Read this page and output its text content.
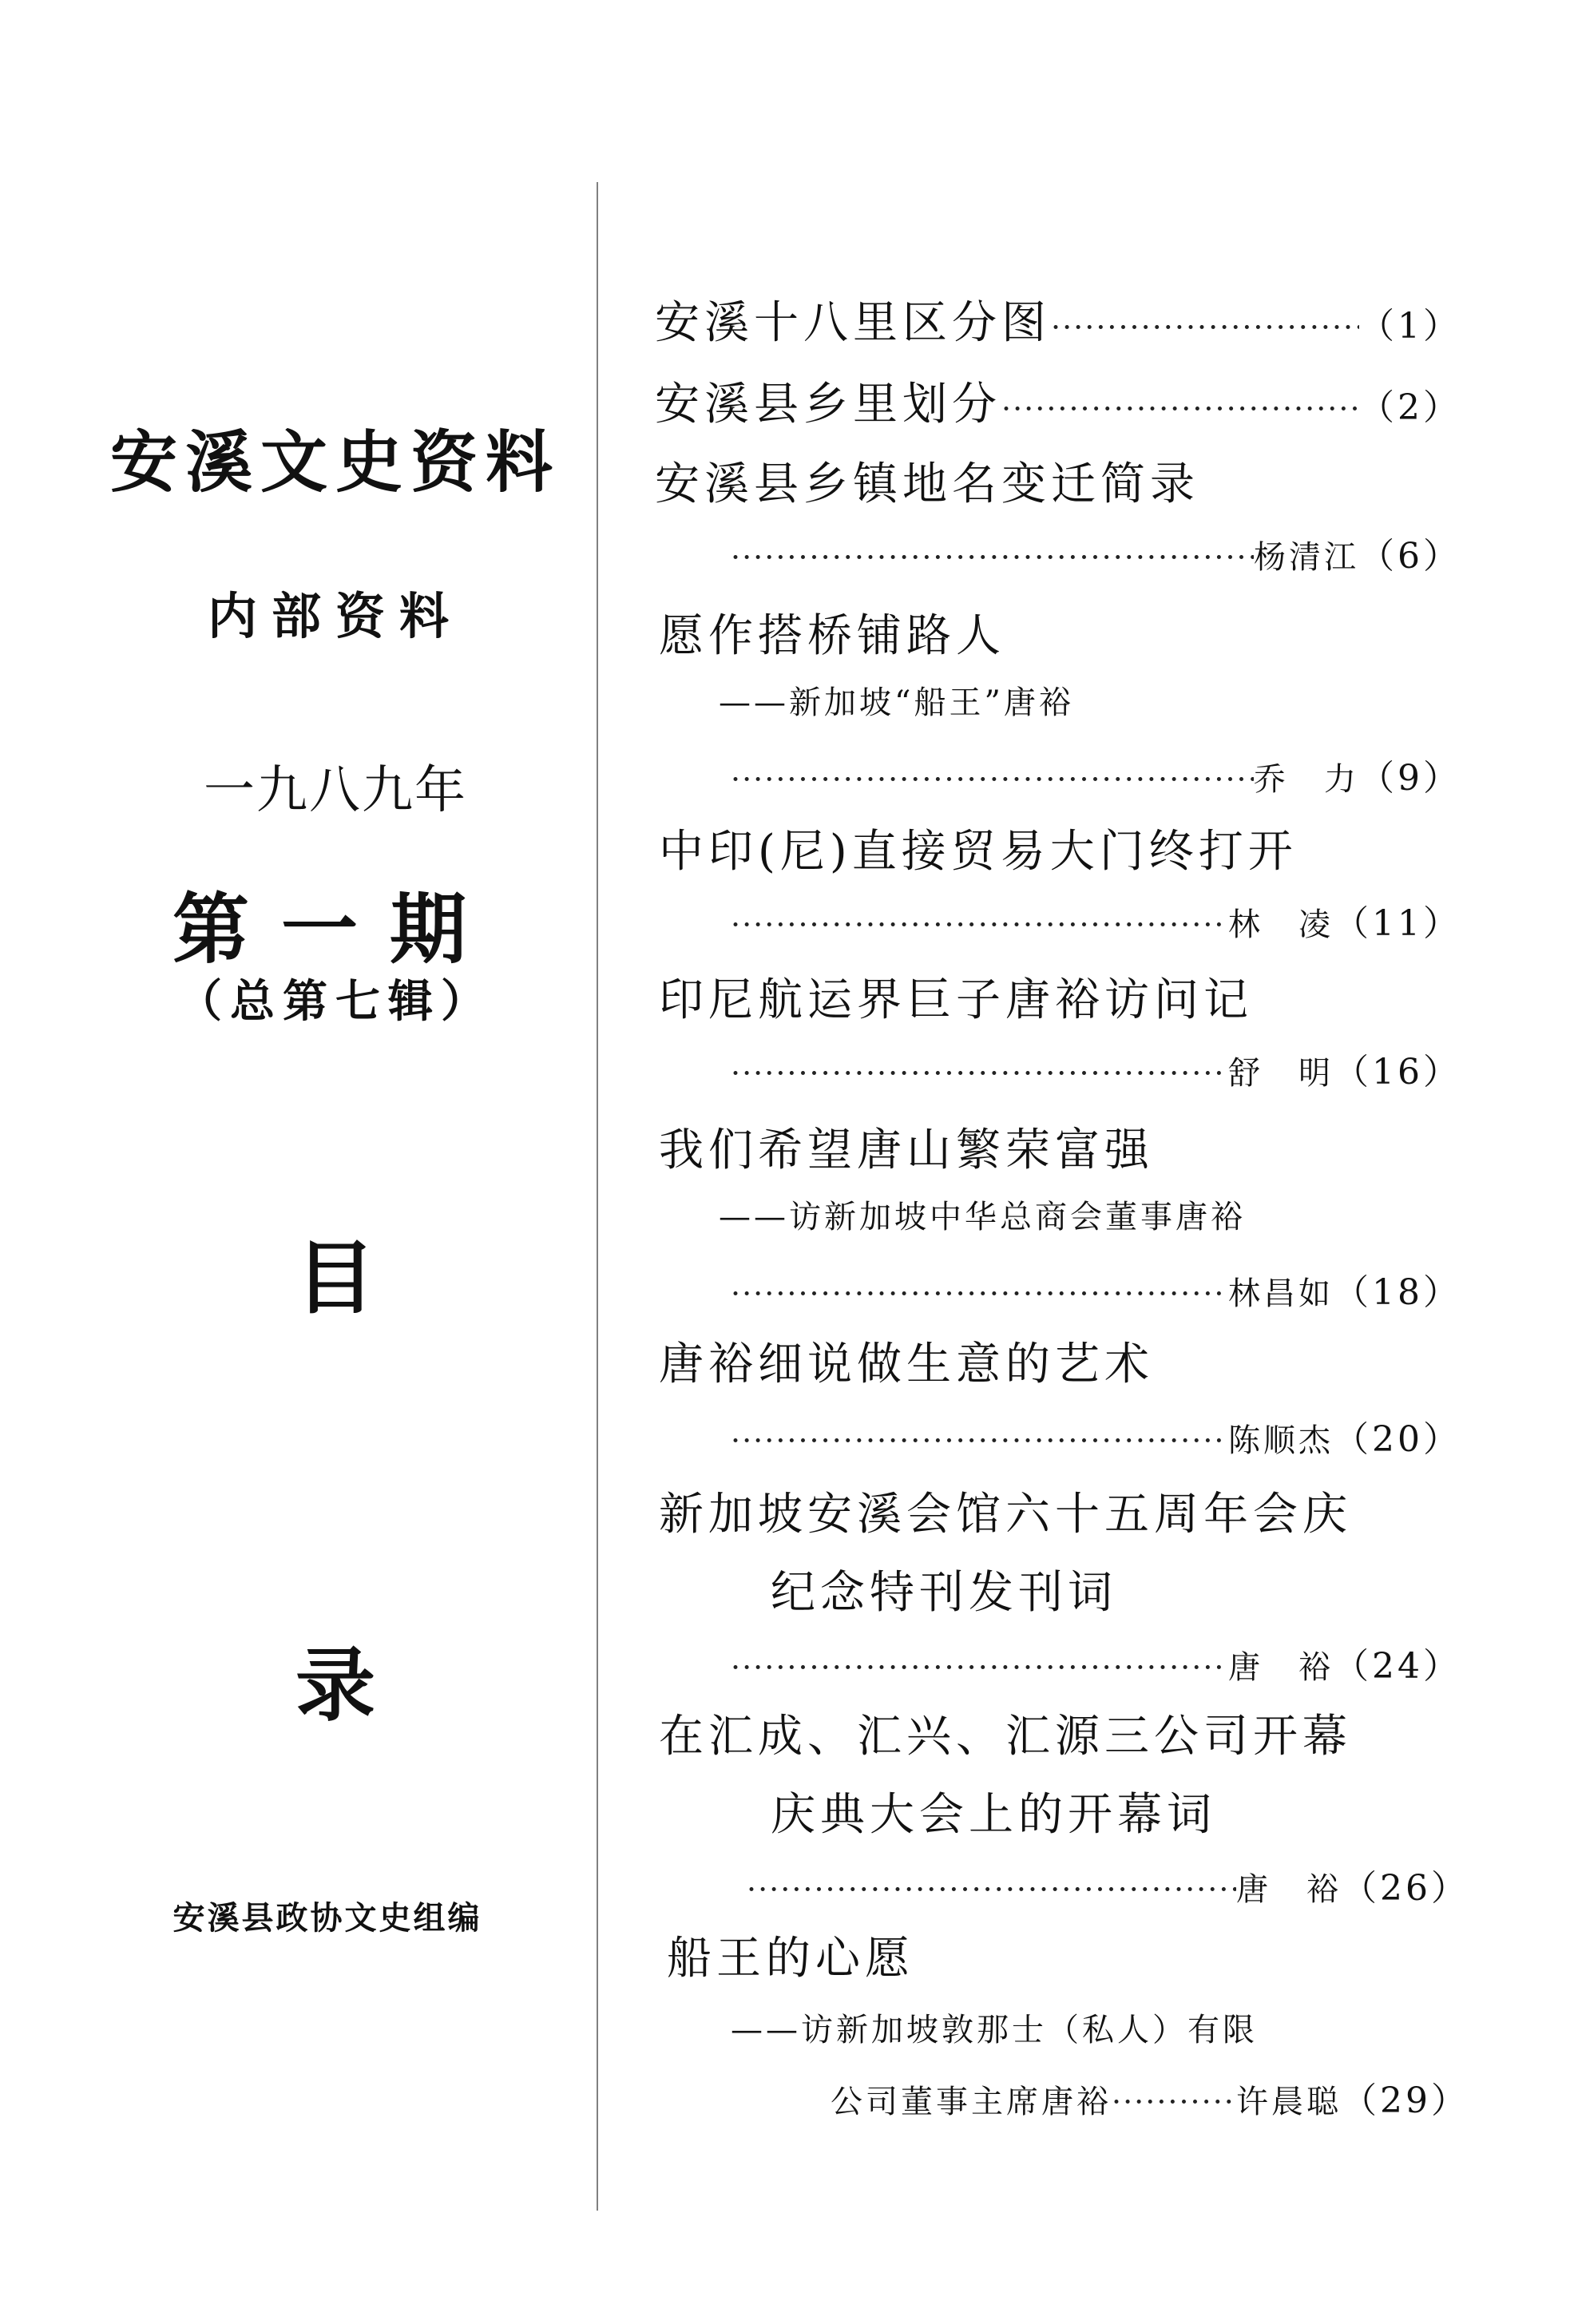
安溪文史资料
内部资料
一九八九年
第一期
（总第七辑）
目
录
安溪县政协文史组编
安溪十八里区分图 ·····	（1）
安溪县乡里划分 ·····	（2）
安溪县乡镇地名变迁简录
·····
杨清江 （6）
愿作搭桥铺路人
——新加坡“船王”唐裕
·····
乔　力 （9）
中印(尼)直接贸易大门终打开
·····
林　凌 （11）
印尼航运界巨子唐裕访问记
·····
舒　明 （16）
我们希望唐山繁荣富强
——访新加坡中华总商会董事唐裕
·····
林昌如 （18）
唐裕细说做生意的艺术
·····
陈顺杰 （20）
新加坡安溪会馆六十五周年会庆
纪念特刊发刊词
·····
唐　裕 （24）
在汇成、汇兴、汇源三公司开幕
庆典大会上的开幕词
·····
唐　裕 （26）
船王的心愿
——访新加坡敦那士（私人）有限
公司董事主席唐裕 ·····	许晨聪 （29）
